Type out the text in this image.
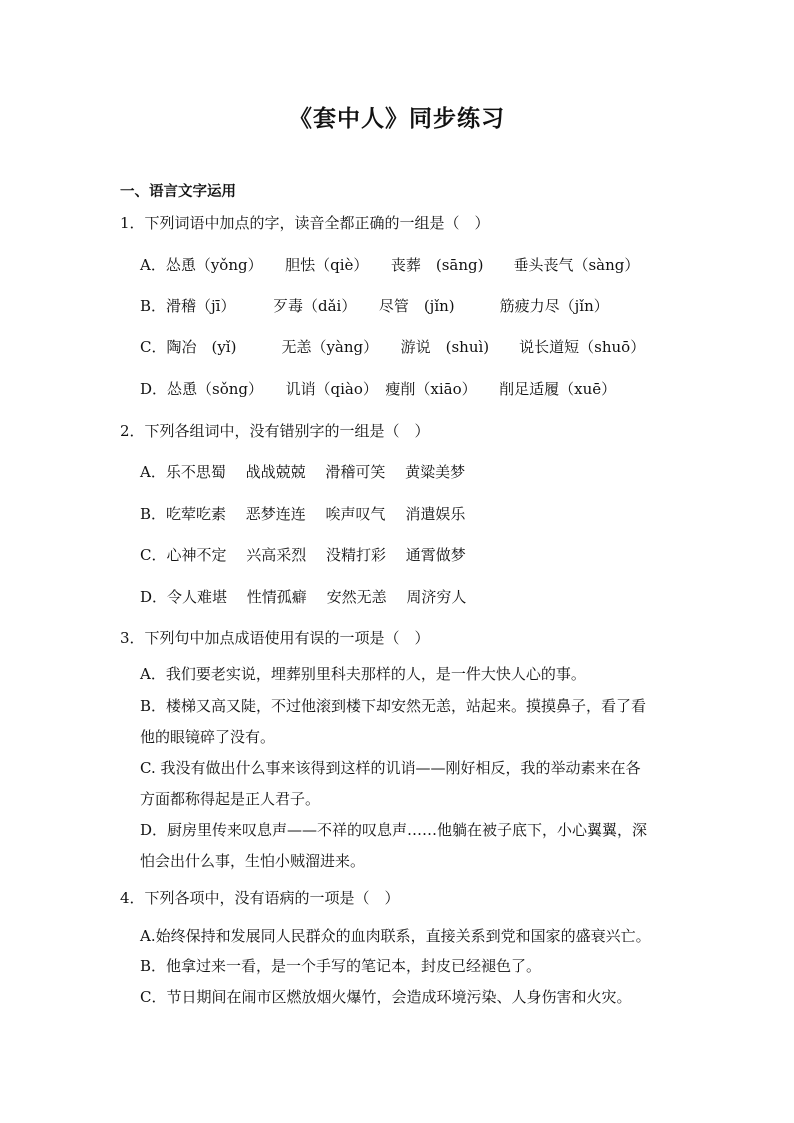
《套中人》同步练习
一、语言文字运用
1．下列词语中加点的字，读音全都正确的一组是（　）
A．怂恿（yǒng）　　胆怯（qiè）　　丧葬　(sāng)　　垂头丧气（sàng）
B．滑稽（jī）　　　歹毒（dǎi）　　尽管　(jǐn)　　　筋疲力尽（jǐn）
C．陶冶　(yǐ)　　　无恙（yàng）　　游说　(shuì)　　说长道短（shuō）
D．怂恿（sǒng）　　讥诮（qiào）　瘦削（xiāo）　　削足适履（xuē）
2．下列各组词中，没有错别字的一组是（　）
A．乐不思蜀　 战战兢兢　 滑稽可笑　 黄粱美梦
B．吃荤吃素　 恶梦连连　 唉声叹气　 消遣娱乐
C．心神不定　 兴高采烈　 没精打彩　 通霄做梦
D．令人难堪　 性情孤癖　 安然无恙　 周济穷人
3．下列句中加点成语使用有误的一项是（　）
A．我们要老实说，埋葬别里科夫那样的人，是一件大快人心的事。
B．楼梯又高又陡，不过他滚到楼下却安然无恙，站起来。摸摸鼻子，看了看
他的眼镜碎了没有。
C. 我没有做出什么事来该得到这样的讥诮——刚好相反，我的举动素来在各
方面都称得起是正人君子。
D．厨房里传来叹息声——不祥的叹息声……他躺在被子底下，小心翼翼，深
怕会出什么事，生怕小贼溜进来。
4．下列各项中，没有语病的一项是（　）
A.始终保持和发展同人民群众的血肉联系，直接关系到党和国家的盛衰兴亡。
B．他拿过来一看，是一个手写的笔记本，封皮已经褪色了。
C．节日期间在闹市区燃放烟火爆竹，会造成环境污染、人身伤害和火灾。
